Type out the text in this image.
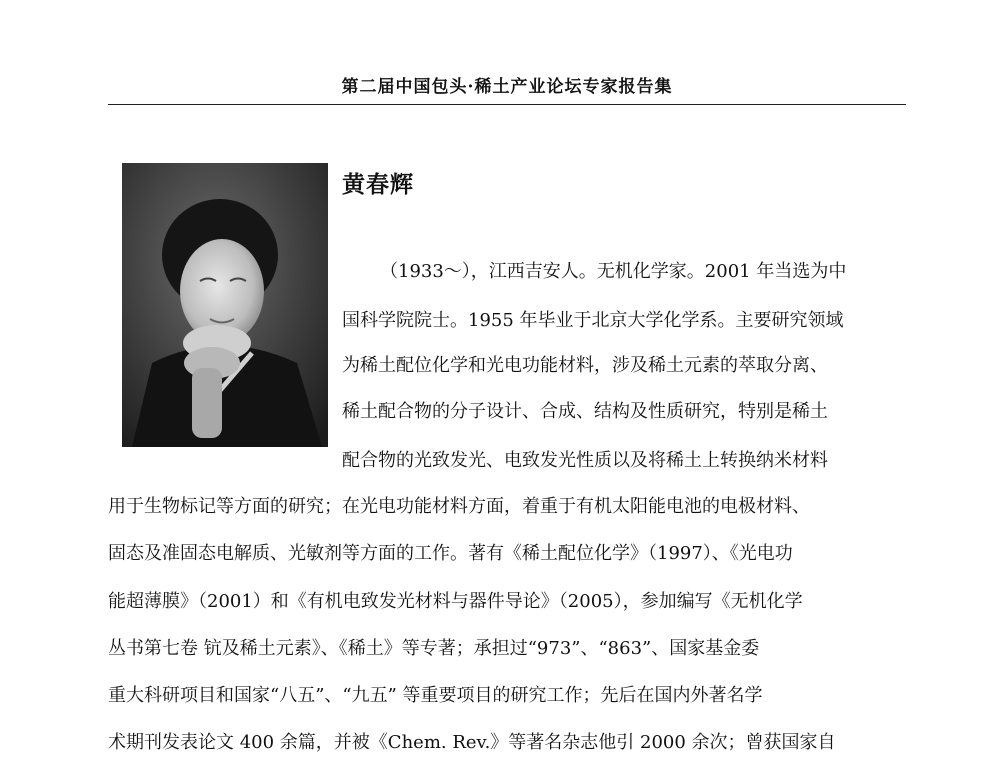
第二届中国包头·稀土产业论坛专家报告集
黄春辉
（1933～），江西吉安人。无机化学家。2001 年当选为中
国科学院院士。1955 年毕业于北京大学化学系。主要研究领域
为稀土配位化学和光电功能材料，涉及稀土元素的萃取分离、
稀土配合物的分子设计、合成、结构及性质研究，特别是稀土
配合物的光致发光、电致发光性质以及将稀土上转换纳米材料
用于生物标记等方面的研究；在光电功能材料方面，着重于有机太阳能电池的电极材料、
固态及准固态电解质、光敏剂等方面的工作。著有《稀土配位化学》（1997）、《光电功
能超薄膜》（2001）和《有机电致发光材料与器件导论》（2005），参加编写《无机化学
丛书第七卷 钪及稀土元素》、《稀土》等专著；承担过“973”、“863”、国家基金委
重大科研项目和国家“八五”、“九五” 等重要项目的研究工作；先后在国内外著名学
术期刊发表论文 400 余篇，并被《Chem. Rev.》等著名杂志他引 2000 余次；曾获国家自
